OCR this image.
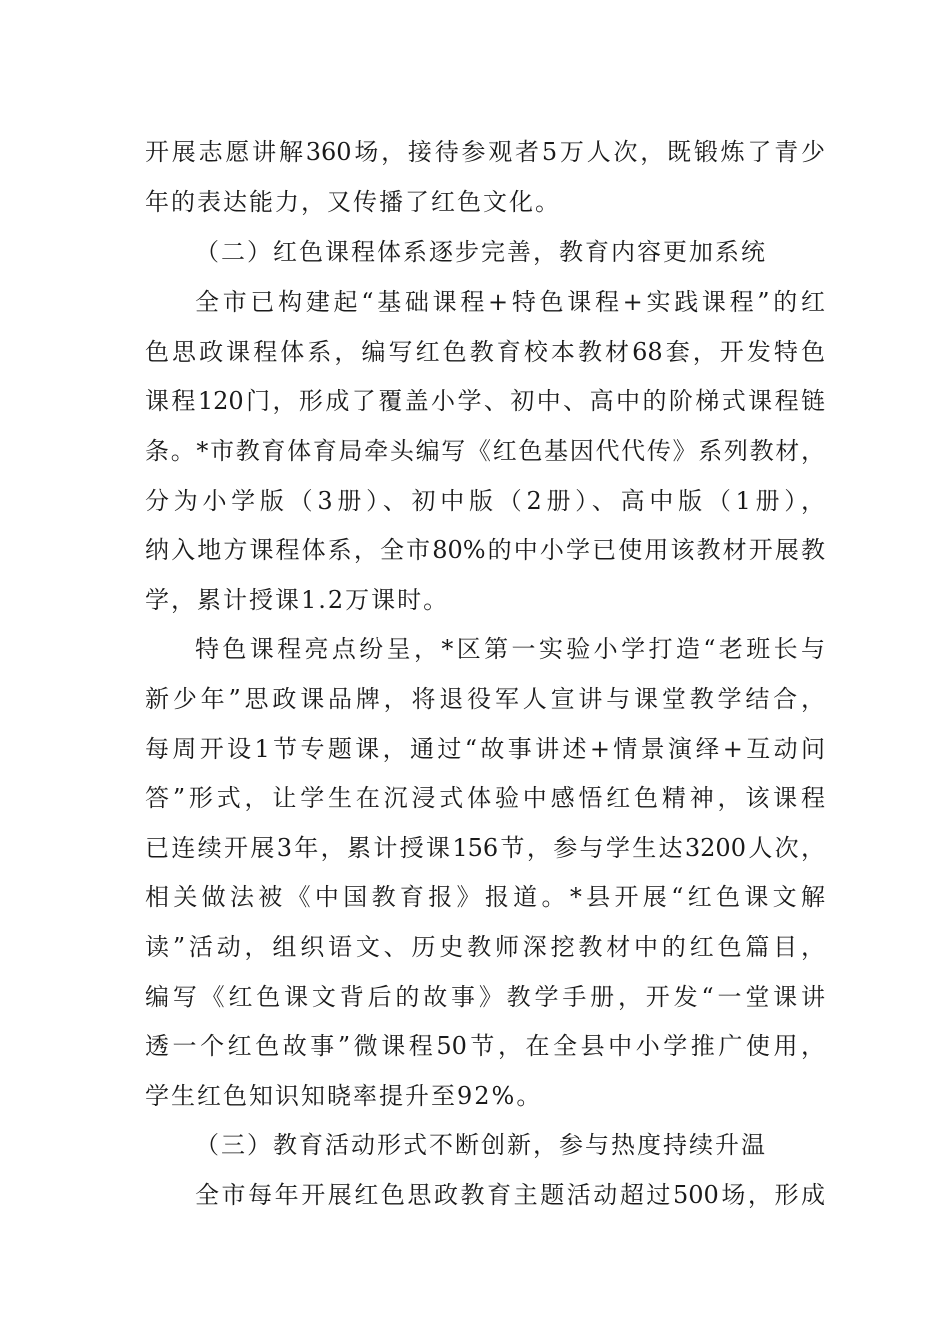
开展志愿讲解360场，接待参观者5万人次，既锻炼了青少
年的表达能力，又传播了红色文化。
（二）红色课程体系逐步完善，教育内容更加系统
全市已构建起“基础课程+特色课程+实践课程”的红
色思政课程体系，编写红色教育校本教材68套，开发特色
课程120门，形成了覆盖小学、初中、高中的阶梯式课程链
条。*市教育体育局牵头编写《红色基因代代传》系列教材，
分为小学版（3册）、初中版（2册）、高中版（1册），
纳入地方课程体系，全市80%的中小学已使用该教材开展教
学，累计授课1.2万课时。
特色课程亮点纷呈，*区第一实验小学打造“老班长与
新少年”思政课品牌，将退役军人宣讲与课堂教学结合，
每周开设1节专题课，通过“故事讲述+情景演绎+互动问
答”形式，让学生在沉浸式体验中感悟红色精神，该课程
已连续开展3年，累计授课156节，参与学生达3200人次，
相关做法被《中国教育报》报道。*县开展“红色课文解
读”活动，组织语文、历史教师深挖教材中的红色篇目，
编写《红色课文背后的故事》教学手册，开发“一堂课讲
透一个红色故事”微课程50节，在全县中小学推广使用，
学生红色知识知晓率提升至92%。
（三）教育活动形式不断创新，参与热度持续升温
全市每年开展红色思政教育主题活动超过500场，形成
